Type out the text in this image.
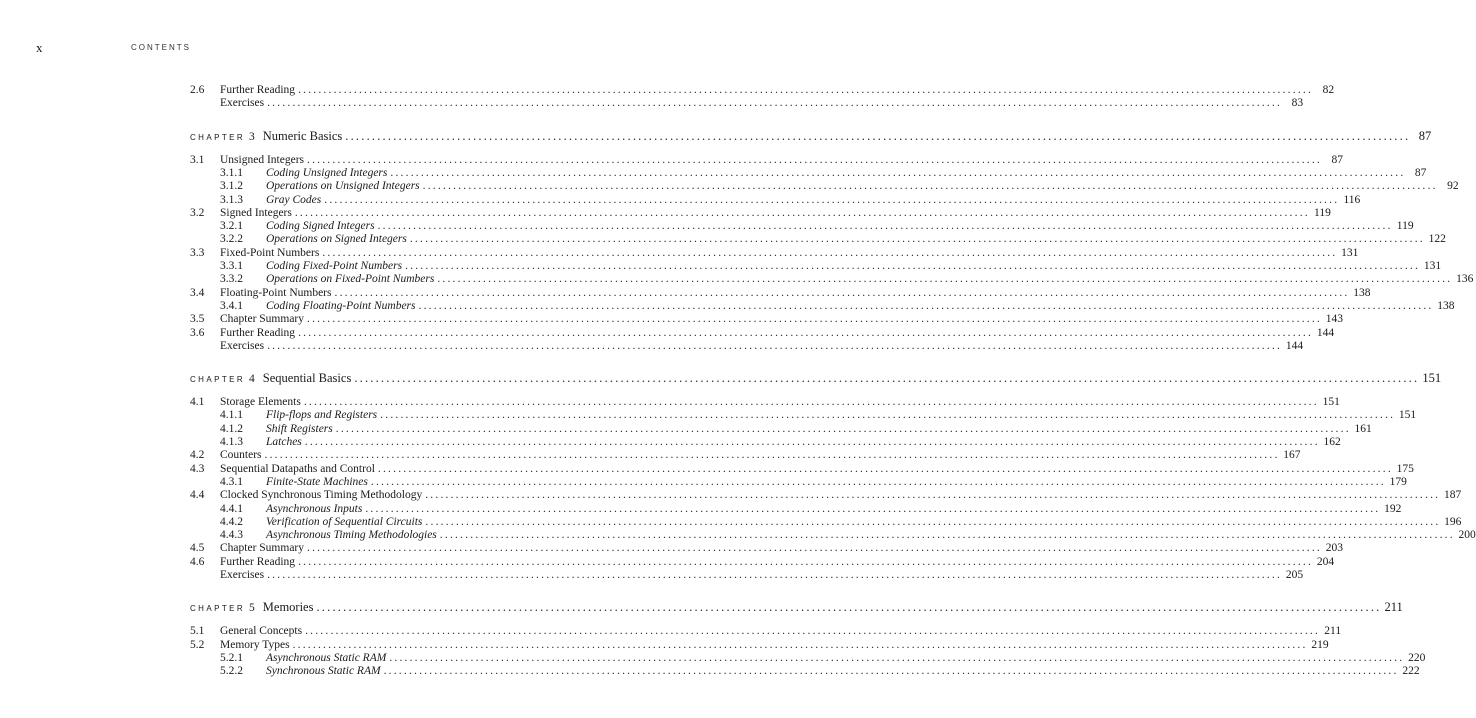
x	CONTENTS
2.6	Further Reading ........................................................................................................................................................................................................ 82
Exercises ........................................................................................................................................................................................................ 83
CHAPTER 3 Numeric Basics ........................................................................................................................................................................................................ 87
3.1	Unsigned Integers ........................................................................................................................................................................................................ 87
3.1.1	Coding Unsigned Integers ........................................................................................................................................................................................................ 87
3.1.2	Operations on Unsigned Integers ........................................................................................................................................................................................................ 92
3.1.3	Gray Codes ........................................................................................................................................................................................................ 116
3.2	Signed Integers ........................................................................................................................................................................................................ 119
3.2.1	Coding Signed Integers ........................................................................................................................................................................................................ 119
3.2.2	Operations on Signed Integers ........................................................................................................................................................................................................ 122
3.3	Fixed-Point Numbers ........................................................................................................................................................................................................ 131
3.3.1	Coding Fixed-Point Numbers ........................................................................................................................................................................................................ 131
3.3.2	Operations on Fixed-Point Numbers ........................................................................................................................................................................................................ 136
3.4	Floating-Point Numbers ........................................................................................................................................................................................................ 138
3.4.1	Coding Floating-Point Numbers ........................................................................................................................................................................................................ 138
3.5	Chapter Summary ........................................................................................................................................................................................................ 143
3.6	Further Reading ........................................................................................................................................................................................................ 144
Exercises ........................................................................................................................................................................................................ 144
CHAPTER 4 Sequential Basics ........................................................................................................................................................................................................ 151
4.1	Storage Elements ........................................................................................................................................................................................................ 151
4.1.1	Flip-flops and Registers ........................................................................................................................................................................................................ 151
4.1.2	Shift Registers ........................................................................................................................................................................................................ 161
4.1.3	Latches ........................................................................................................................................................................................................ 162
4.2	Counters ........................................................................................................................................................................................................ 167
4.3	Sequential Datapaths and Control ........................................................................................................................................................................................................ 175
4.3.1	Finite-State Machines ........................................................................................................................................................................................................ 179
4.4	Clocked Synchronous Timing Methodology ........................................................................................................................................................................................................ 187
4.4.1	Asynchronous Inputs ........................................................................................................................................................................................................ 192
4.4.2	Verification of Sequential Circuits ........................................................................................................................................................................................................ 196
4.4.3	Asynchronous Timing Methodologies ........................................................................................................................................................................................................ 200
4.5	Chapter Summary ........................................................................................................................................................................................................ 203
4.6	Further Reading ........................................................................................................................................................................................................ 204
Exercises ........................................................................................................................................................................................................ 205
CHAPTER 5 Memories ........................................................................................................................................................................................................ 211
5.1	General Concepts ........................................................................................................................................................................................................ 211
5.2	Memory Types ........................................................................................................................................................................................................ 219
5.2.1	Asynchronous Static RAM ........................................................................................................................................................................................................ 220
5.2.2	Synchronous Static RAM ........................................................................................................................................................................................................ 222
